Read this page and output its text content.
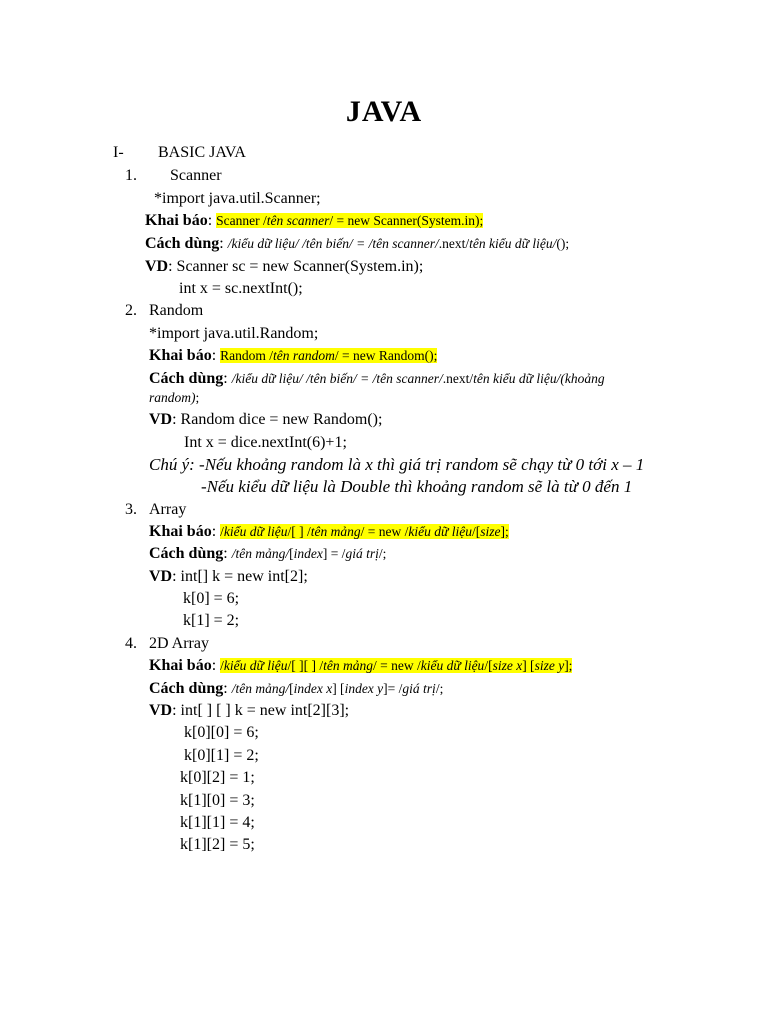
JAVA
I- BASIC JAVA
1. Scanner
*import java.util.Scanner;
Khai báo: Scanner /tên scanner/ = new Scanner(System.in);
Cách dùng: /kiểu dữ liệu/ /tên biến/ = /tên scanner/.next/tên kiểu dữ liệu/();
VD: Scanner sc = new Scanner(System.in);
int x = sc.nextInt();
2. Random
*import java.util.Random;
Khai báo: Random /tên random/ = new Random();
Cách dùng: /kiểu dữ liệu/ /tên biến/ = /tên scanner/.next/tên kiểu dữ liệu/(khoảng
random);
VD: Random dice = new Random();
Int x = dice.nextInt(6)+1;
Chú ý: -Nếu khoảng random là x thì giá trị random sẽ chạy từ 0 tới x – 1
-Nếu kiểu dữ liệu là Double thì khoảng random sẽ là từ 0 đến 1
3. Array
Khai báo: /kiểu dữ liệu/[ ] /tên mảng/ = new /kiểu dữ liệu/[size];
Cách dùng: /tên mảng/[index] = /giá trị/;
VD: int[] k = new int[2];
k[0] = 6;
k[1] = 2;
4. 2D Array
Khai báo: /kiểu dữ liệu/[ ][ ] /tên mảng/ = new /kiểu dữ liệu/[size x] [size y];
Cách dùng: /tên mảng/[index x] [index y]= /giá trị/;
VD: int[ ] [ ] k = new int[2][3];
k[0][0] = 6;
k[0][1] = 2;
k[0][2] = 1;
k[1][0] = 3;
k[1][1] = 4;
k[1][2] = 5;
